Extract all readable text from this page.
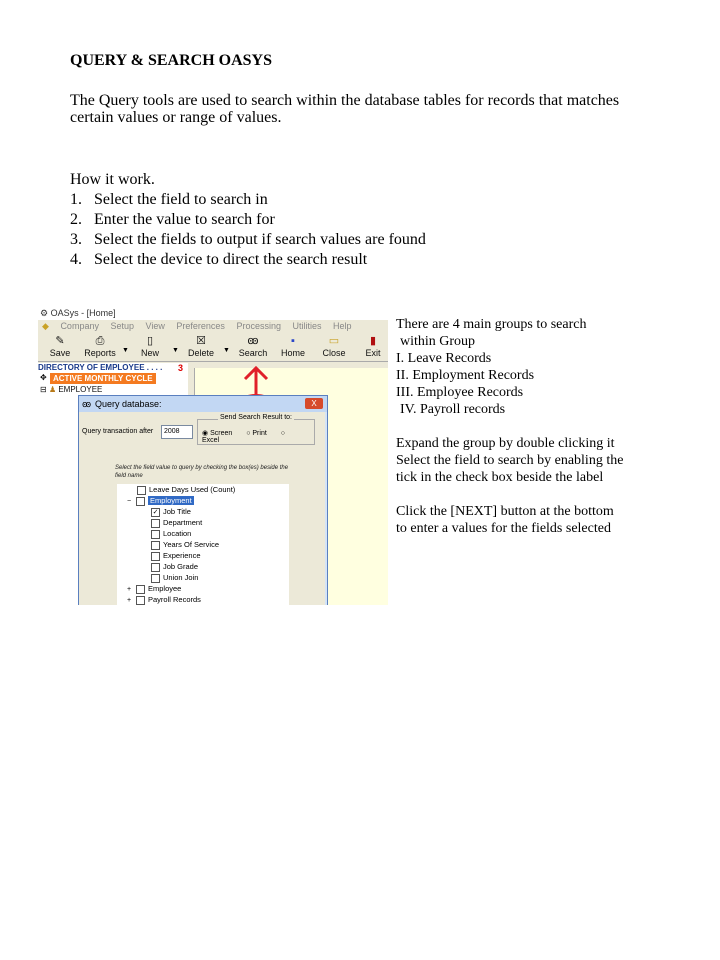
QUERY & SEARCH OASYS
The Query tools are used to search within the database tables for records that matches
certain values or range of values.
How it work.
1. Select the field to search in
2. Enter the value to search for
3. Select the fields to output if search values are found
4. Select the device to direct the search result
⚙ OASys - [Home]
◆ Company Setup View Preferences Processing Utilities Help
✎
Save
⎙
Reports ▼
▯
New	▼
☒
Delete	▼
ꙭ
Search
▪
Home
▭
Close
▮
Exit
DIRECTORY OF EMPLOYEE . . . .	3
✥ ACTIVE MONTHLY CYCLE
⊟ ♟ EMPLOYEE
ꙭ Query database:	X
Query transaction after	2008
Send Search Result to:
◉ Screen ○ Print ○ Excel
Select the field value to query by checking the box(es) beside the field name
Leave Days Used (Count)
−	Employment
✓ Job Title
Department
Location
Years Of Service
Experience
Job Grade
Union Join
+ Employee
+ Payroll Records

There are 4 main groups to search

within Group

I. Leave Records

II. Employment Records

III. Employee Records

IV. Payroll records

Expand the group by double clicking it

Select the field to search by enabling the

tick in the check box beside the label

Click the [NEXT] button at the bottom

to enter a values for the fields selected
